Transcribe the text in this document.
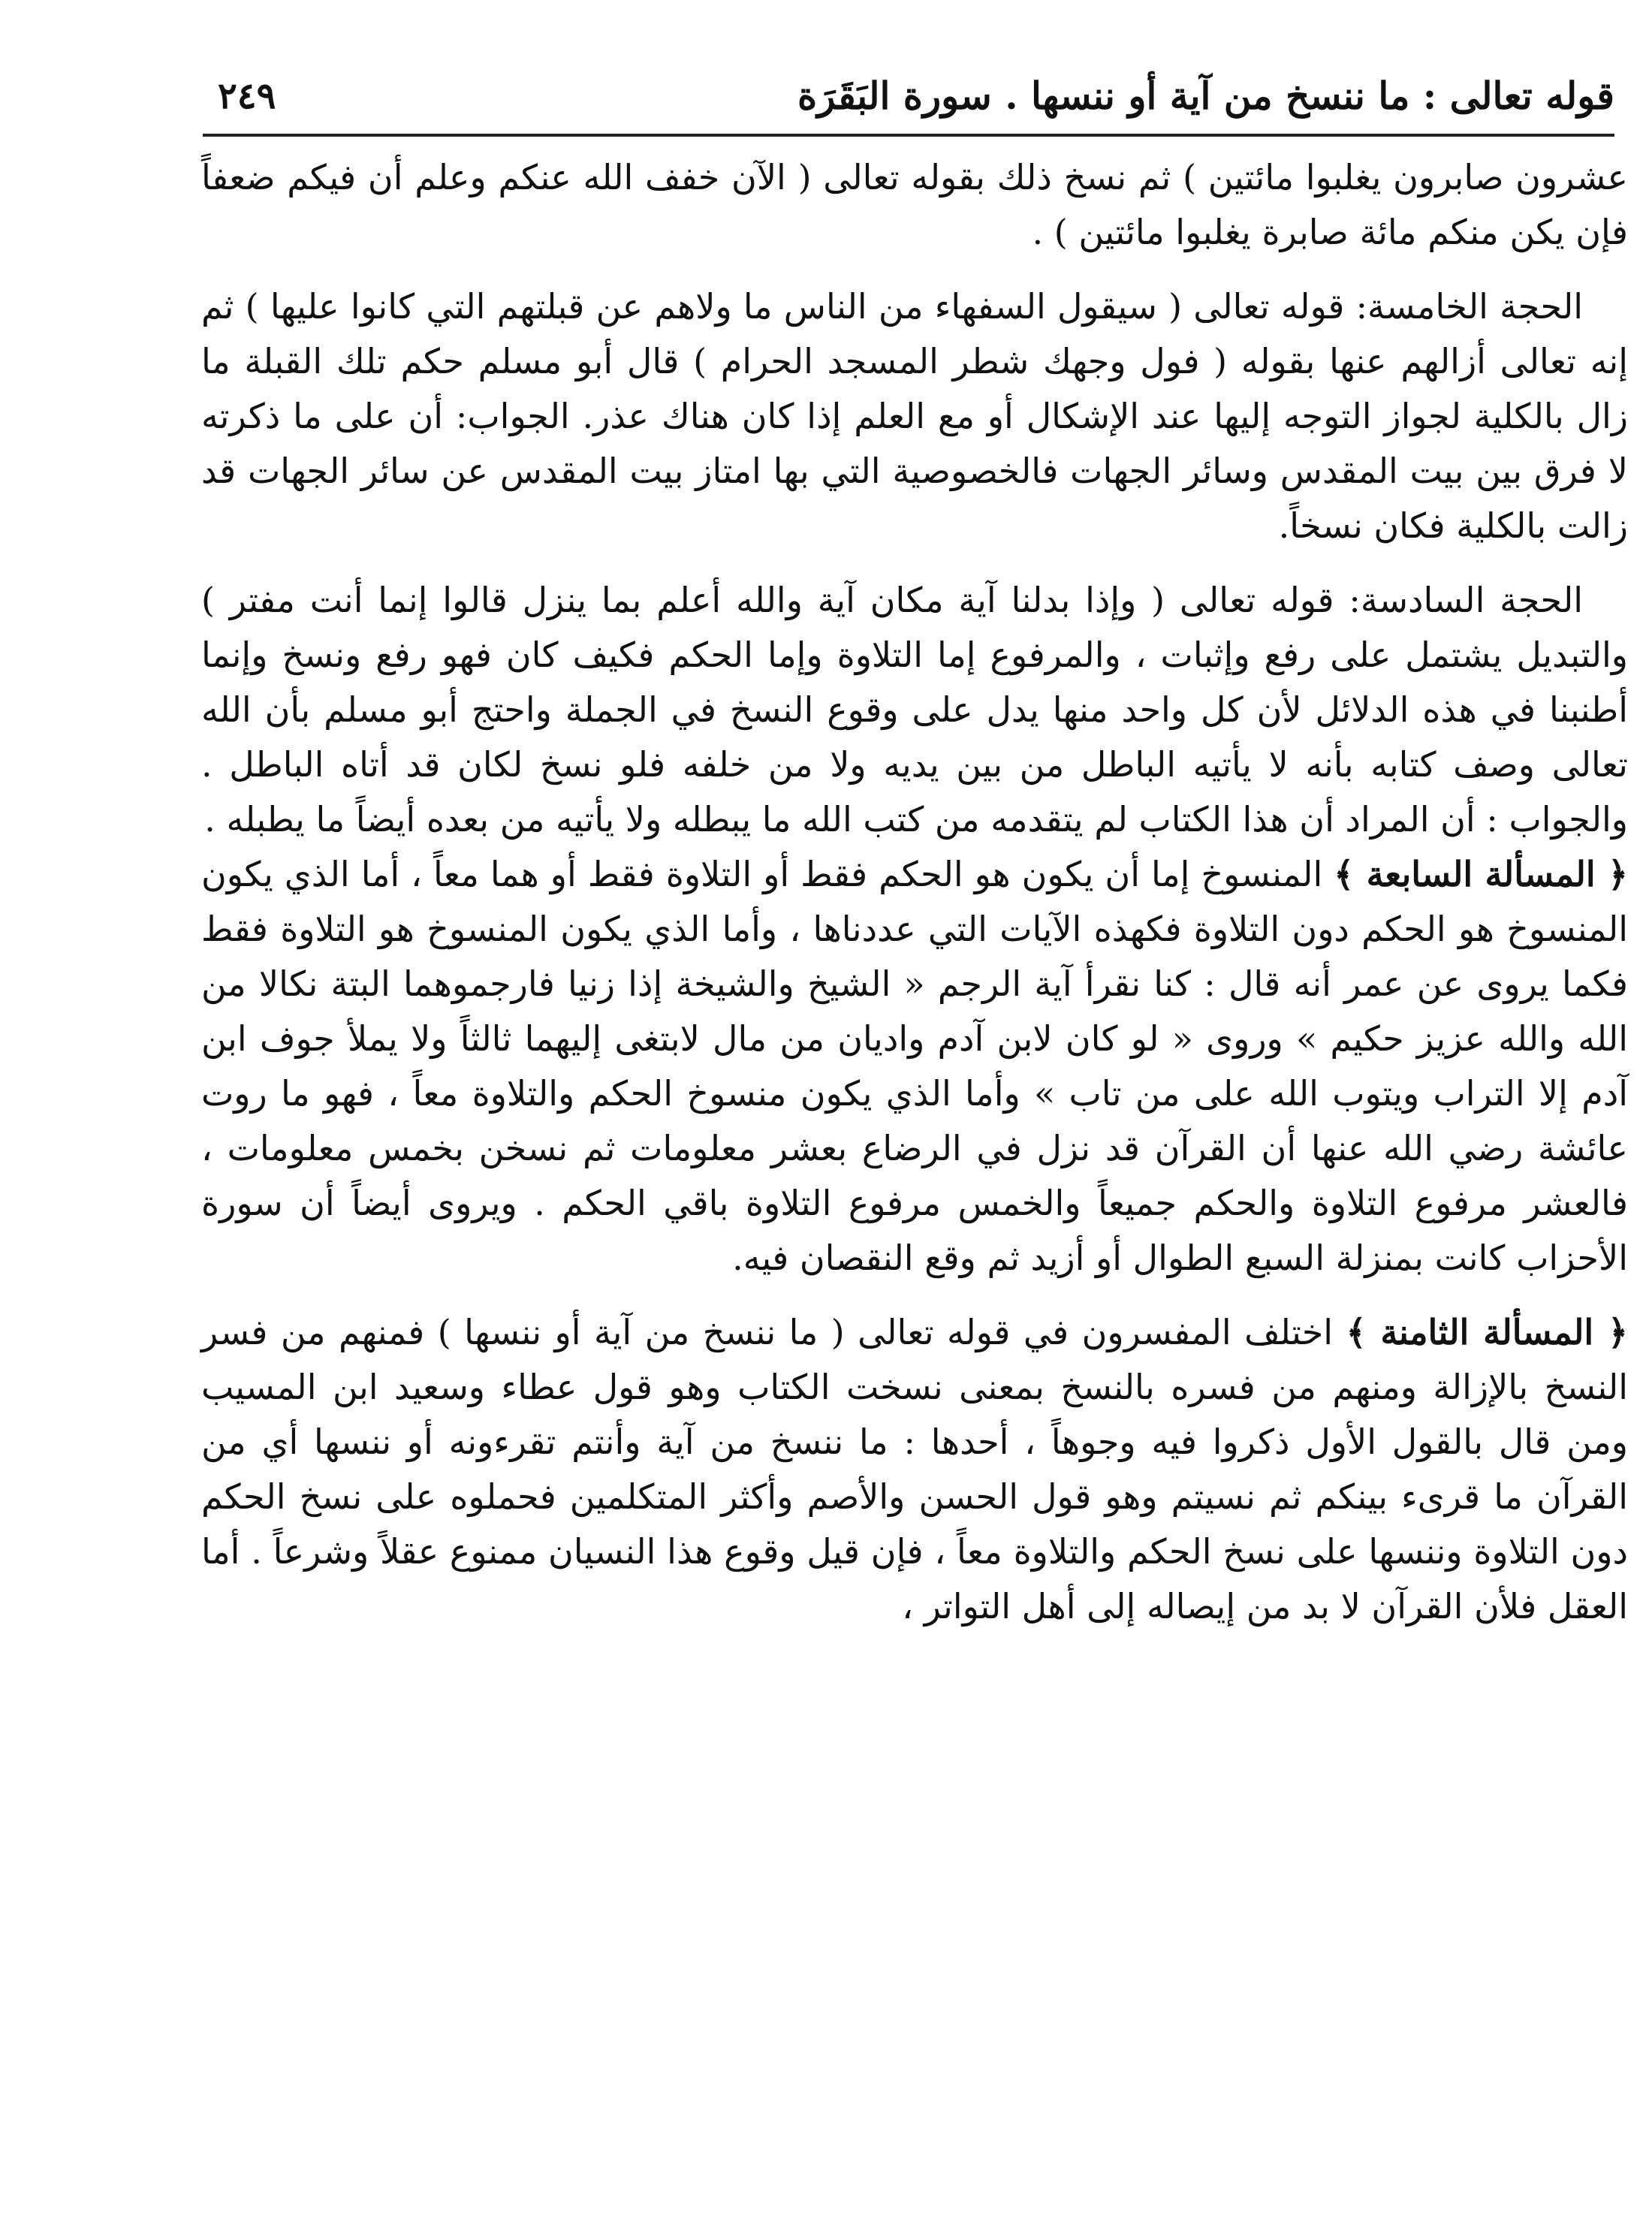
قوله تعالى : ما ننسخ من آية أو ننسها . سورة البَقَرَة
٢٤٩

عشرون صابرون يغلبوا مائتين ) ثم نسخ ذلك بقوله تعالى ( الآن خفف الله عنكم وعلم أن فيكم ضعفاً فإن يكن منكم مائة صابرة يغلبوا مائتين ) .

الحجة الخامسة: قوله تعالى ( سيقول السفهاء من الناس ما ولاهم عن قبلتهم التي كانوا عليها ) ثم إنه تعالى أزالهم عنها بقوله ( فول وجهك شطر المسجد الحرام ) قال أبو مسلم حكم تلك القبلة ما زال بالكلية لجواز التوجه إليها عند الإشكال أو مع العلم إذا كان هناك عذر. الجواب: أن على ما ذكرته لا فرق بين بيت المقدس وسائر الجهات فالخصوصية التي بها امتاز بيت المقدس عن سائر الجهات قد زالت بالكلية فكان نسخاً.

الحجة السادسة: قوله تعالى ( وإذا بدلنا آية مكان آية والله أعلم بما ينزل قالوا إنما أنت مفتر ) والتبديل يشتمل على رفع وإثبات ، والمرفوع إما التلاوة وإما الحكم فكيف كان فهو رفع ونسخ وإنما أطنبنا في هذه الدلائل لأن كل واحد منها يدل على وقوع النسخ في الجملة واحتج أبو مسلم بأن الله تعالى وصف كتابه بأنه لا يأتيه الباطل من بين يديه ولا من خلفه فلو نسخ لكان قد أتاه الباطل . والجواب : أن المراد أن هذا الكتاب لم يتقدمه من كتب الله ما يبطله ولا يأتيه من بعده أيضاً ما يطبله .

﴿ المسألة السابعة ﴾ المنسوخ إما أن يكون هو الحكم فقط أو التلاوة فقط أو هما معاً ، أما الذي يكون المنسوخ هو الحكم دون التلاوة فكهذه الآيات التي عددناها ، وأما الذي يكون المنسوخ هو التلاوة فقط فكما يروى عن عمر أنه قال : كنا نقرأ آية الرجم « الشيخ والشيخة إذا زنيا فارجموهما البتة نكالا من الله والله عزيز حكيم » وروى « لو كان لابن آدم واديان من مال لابتغى إليهما ثالثاً ولا يملأ جوف ابن آدم إلا التراب ويتوب الله على من تاب » وأما الذي يكون منسوخ الحكم والتلاوة معاً ، فهو ما روت عائشة رضي الله عنها أن القرآن قد نزل في الرضاع بعشر معلومات ثم نسخن بخمس معلومات ، فالعشر مرفوع التلاوة والحكم جميعاً والخمس مرفوع التلاوة باقي الحكم . ويروى أيضاً أن سورة الأحزاب كانت بمنزلة السبع الطوال أو أزيد ثم وقع النقصان فيه.

﴿ المسألة الثامنة ﴾ اختلف المفسرون في قوله تعالى ( ما ننسخ من آية أو ننسها ) فمنهم من فسر النسخ بالإزالة ومنهم من فسره بالنسخ بمعنى نسخت الكتاب وهو قول عطاء وسعيد ابن المسيب ومن قال بالقول الأول ذكروا فيه وجوهاً ، أحدها : ما ننسخ من آية وأنتم تقرءونه أو ننسها أي من القرآن ما قرىء بينكم ثم نسيتم وهو قول الحسن والأصم وأكثر المتكلمين فحملوه على نسخ الحكم دون التلاوة وننسها على نسخ الحكم والتلاوة معاً ، فإن قيل وقوع هذا النسيان ممنوع عقلاً وشرعاً . أما العقل فلأن القرآن لا بد من إيصاله إلى أهل التواتر ،
